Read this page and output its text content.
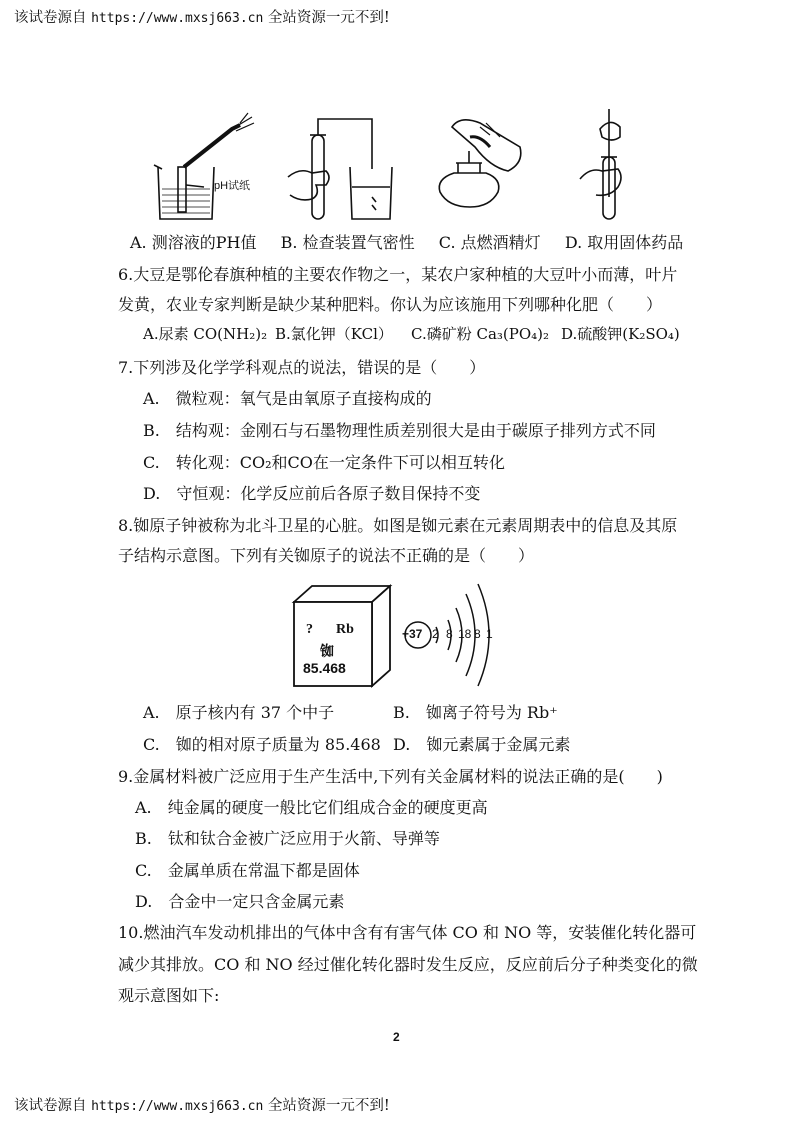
该试卷源自 https://www.mxsj663.cn 全站资源一元不到!
pH试纸
A. 测溶液的PH值 B. 检查装置气密性 C. 点燃酒精灯 D. 取用固体药品
6.大豆是鄂伦春旗种植的主要农作物之一，某农户家种植的大豆叶小而薄，叶片
发黄，农业专家判断是缺少某种肥料。你认为应该施用下列哪种化肥（　　）
A.尿素 CO(NH₂)₂ B.氯化钾（KCl） C.磷矿粉 Ca₃(PO₄)₂ D.硫酸钾(K₂SO₄)
7.下列涉及化学学科观点的说法，错误的是（　　）
A.　微粒观：氧气是由氧原子直接构成的
B.　结构观：金刚石与石墨物理性质差别很大是由于碳原子排列方式不同
C.　转化观：CO₂和CO在一定条件下可以相互转化
D.　守恒观：化学反应前后各原子数目保持不变
8.铷原子钟被称为北斗卫星的心脏。如图是铷元素在元素周期表中的信息及其原
子结构示意图。下列有关铷原子的说法不正确的是（　　）
? Rb
铷
85.468
+37 2 8 18 8 1
A.　原子核内有 37 个中子	B.　铷离子符号为 Rb⁺
C.　铷的相对原子质量为 85.468 D.　铷元素属于金属元素
9.金属材料被广泛应用于生产生活中,下列有关金属材料的说法正确的是(　　)
A.　纯金属的硬度一般比它们组成合金的硬度更高
B.　钛和钛合金被广泛应用于火箭、导弹等
C.　金属单质在常温下都是固体
D.　合金中一定只含金属元素
10.燃油汽车发动机排出的气体中含有有害气体 CO 和 NO 等，安装催化转化器可
减少其排放。CO 和 NO 经过催化转化器时发生反应，反应前后分子种类变化的微
观示意图如下:
2
该试卷源自 https://www.mxsj663.cn 全站资源一元不到!
